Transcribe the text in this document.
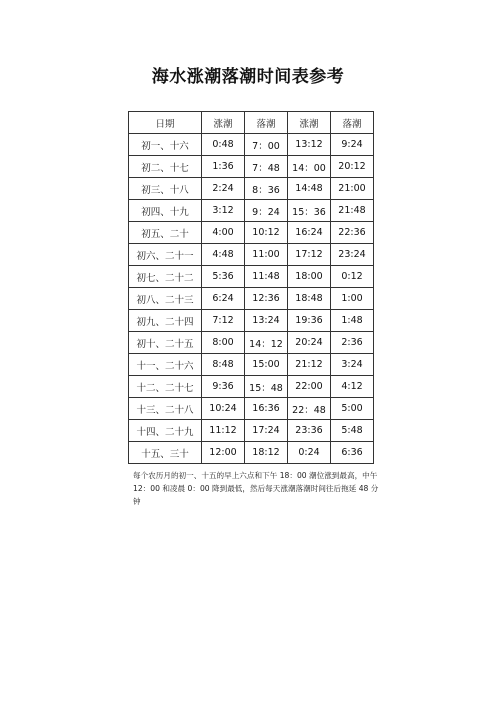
海水涨潮落潮时间表参考
日期	涨潮	落潮	涨潮	落潮
初一、十六	0:48	7：00	13:12	9:24
初二、十七	1:36	7：48	14：00	20:12
初三、十八	2:24	8：36	14:48	21:00
初四、十九	3:12	9：24	15：36	21:48
初五、二十	4:00	10:12	16:24	22:36
初六、二十一	4:48	11:00	17:12	23:24
初七、二十二	5:36	11:48	18:00	0:12
初八、二十三	6:24	12:36	18:48	1:00
初九、二十四	7:12	13:24	19:36	1:48
初十、二十五	8:00	14：12	20:24	2:36
十一、二十六	8:48	15:00	21:12	3:24
十二、二十七	9:36	15：48	22:00	4:12
十三、二十八	10:24	16:36	22：48	5:00
十四、二十九	11:12	17:24	23:36	5:48
十五、三十	12:00	18:12	0:24	6:36
每个农历月的初一、十五的早上六点和下午 18：00 潮位涨到最高，中午 12：00 和凌晨 0：00 降到最低，然后每天涨潮落潮时间往后拖延 48 分钟
